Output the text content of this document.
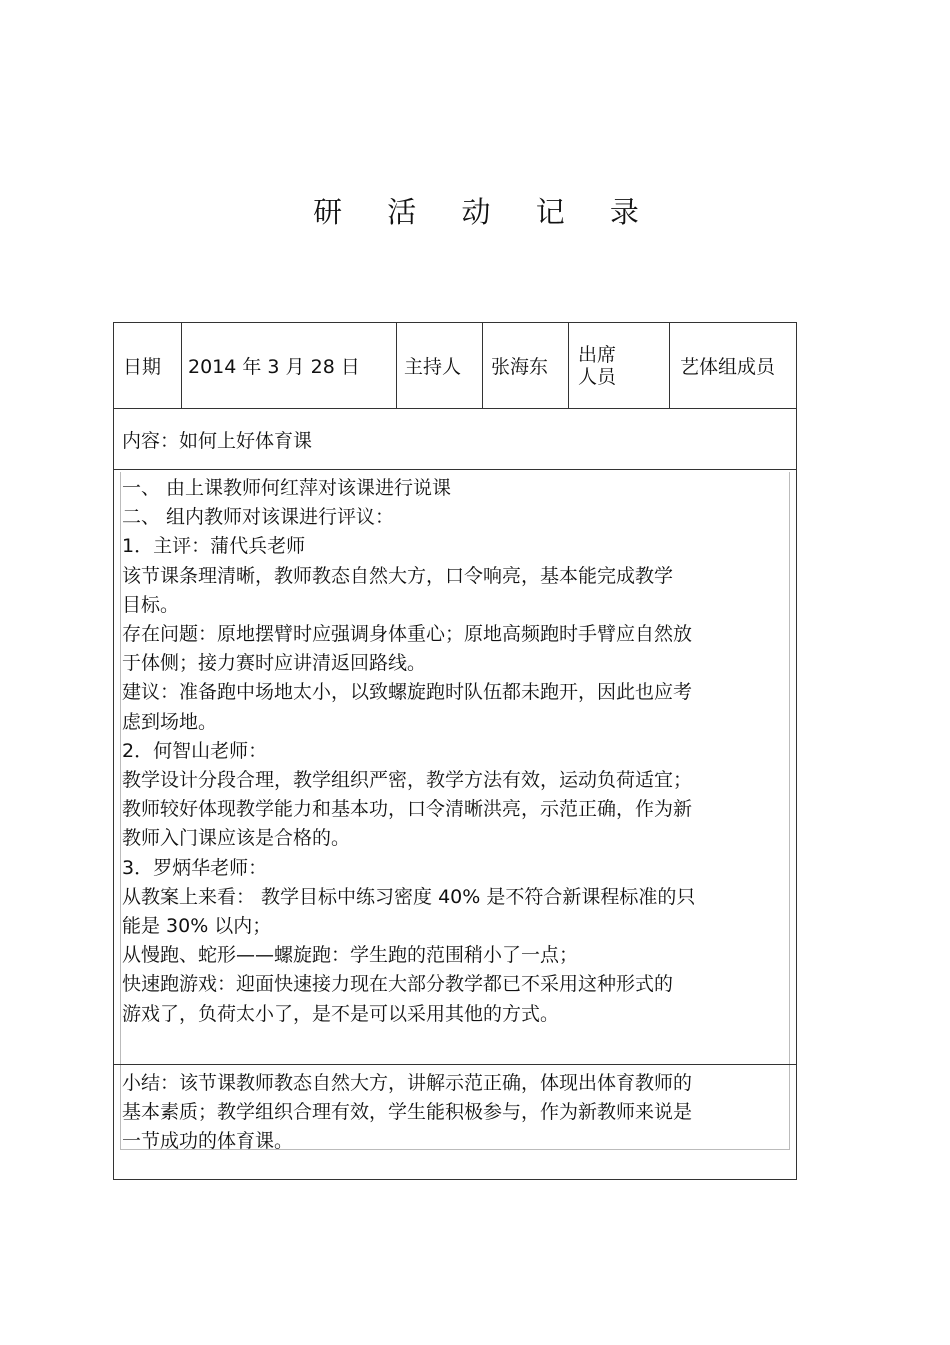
研 活 动 记 录
日期 2014 年 3 月 28 日 主持人 张海东
出席
人员	艺体组成员
内容：如何上好体育课
一、 由上课教师何红萍对该课进行说课
二、 组内教师对该课进行评议：
1．主评：蒲代兵老师
该节课条理清晰，教师教态自然大方，口令响亮，基本能完成教学
目标。
存在问题：原地摆臂时应强调身体重心；原地高频跑时手臂应自然放
于体侧；接力赛时应讲清返回路线。
建议：准备跑中场地太小，以致螺旋跑时队伍都未跑开，因此也应考
虑到场地。
2．何智山老师：
教学设计分段合理，教学组织严密，教学方法有效，运动负荷适宜；
教师较好体现教学能力和基本功，口令清晰洪亮，示范正确，作为新
教师入门课应该是合格的。
3．罗炳华老师：
从教案上来看： 教学目标中练习密度 40% 是不符合新课程标准的只
能是 30% 以内；
从慢跑、蛇形——螺旋跑：学生跑的范围稍小了一点；
快速跑游戏：迎面快速接力现在大部分教学都已不采用这种形式的
游戏了，负荷太小了，是不是可以采用其他的方式。
小结：该节课教师教态自然大方，讲解示范正确，体现出体育教师的
基本素质；教学组织合理有效，学生能积极参与，作为新教师来说是
一节成功的体育课。
